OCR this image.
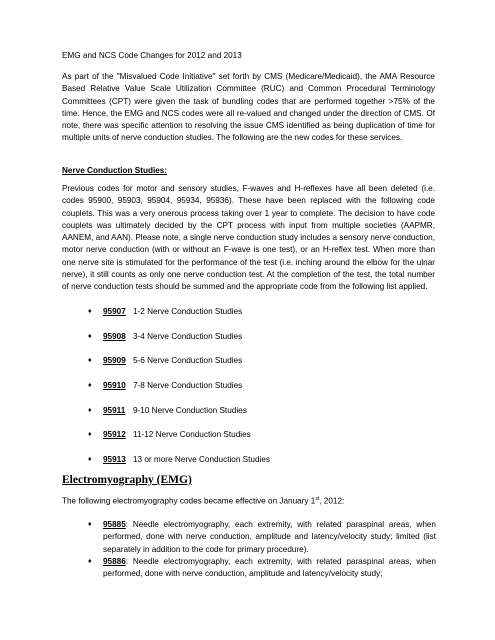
EMG and NCS Code Changes for 2012 and 2013
As part of the "Misvalued Code Initiative" set forth by CMS (Medicare/Medicaid), the AMA Resource Based Relative Value Scale Utilization Committee (RUC) and Common Procedural Terminology Committees (CPT) were given the task of bundling codes that are performed together >75% of the time. Hence, the EMG and NCS codes were all re-valued and changed under the direction of CMS. Of note, there was specific attention to resolving the issue CMS identified as being duplication of time for multiple units of nerve conduction studies. The following are the new codes for these services.
Nerve Conduction Studies:
Previous codes for motor and sensory studies, F-waves and H-reflexes have all been deleted (i.e. codes 95900, 95903, 95904, 95934, 95936). These have been replaced with the following code couplets. This was a very onerous process taking over 1 year to complete. The decision to have code couplets was ultimately decided by the CPT process with input from multiple societies (AAPMR, AANEM, and AAN). Please note, a single nerve conduction study includes a sensory nerve conduction, motor nerve conduction (with or without an F-wave is one test), or an H-reflex test. When more than one nerve site is stimulated for the performance of the test (i.e. inching around the elbow for the ulnar nerve), it still counts as only one nerve conduction test. At the completion of the test, the total number of nerve conduction tests should be summed and the appropriate code from the following list applied.
♦ 95907 1-2 Nerve Conduction Studies
♦ 95908 3-4 Nerve Conduction Studies
♦ 95909 5-6 Nerve Conduction Studies
♦ 95910 7-8 Nerve Conduction Studies
♦ 95911 9-10 Nerve Conduction Studies
♦ 95912 11-12 Nerve Conduction Studies
♦ 95913 13 or more Nerve Conduction Studies
Electromyography (EMG)
The following electromyography codes became effective on January 1st, 2012:
♦ 95885: Needle electromyography, each extremity, with related paraspinal areas, when performed, done with nerve conduction, amplitude and latency/velocity study; limited (list separately in addition to the code for primary procedure).
♦ 95886: Needle electromyography, each extremity, with related paraspinal areas, when performed, done with nerve conduction, amplitude and latency/velocity study;
